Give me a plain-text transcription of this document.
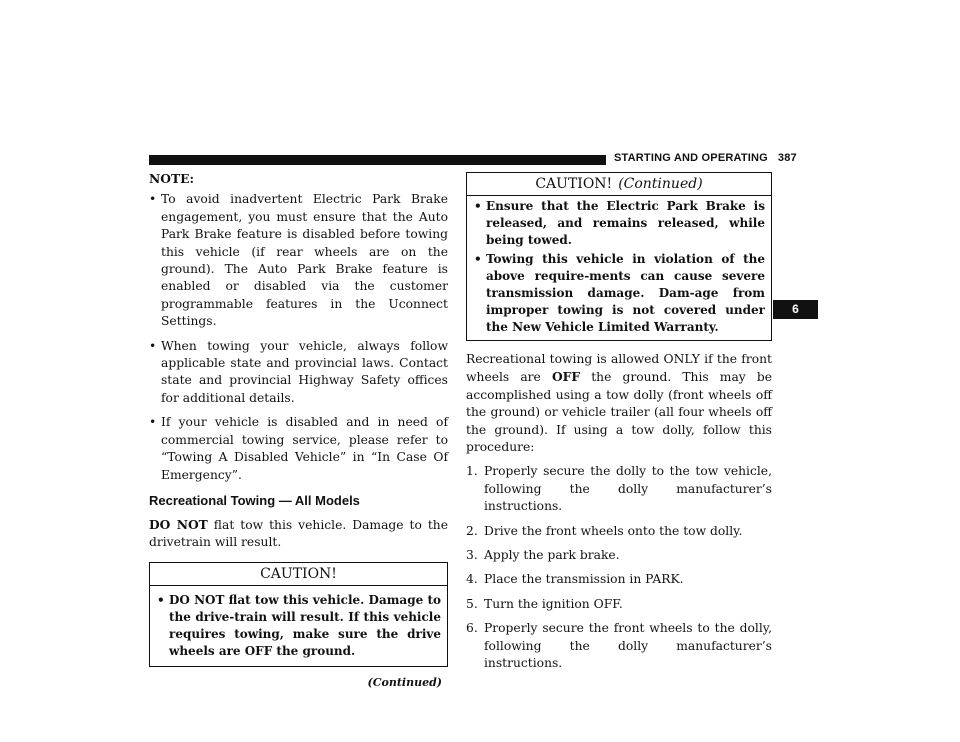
STARTING AND OPERATING 387
6

NOTE:

• To avoid inadvertent Electric Park Brake engagement, you must ensure that the Auto Park Brake feature is disabled before towing this vehicle (if rear wheels are on the ground). The Auto Park Brake feature is enabled or disabled via the customer programmable features in the Uconnect Settings.
• When towing your vehicle, always follow applicable state and provincial laws. Contact state and provincial Highway Safety offices for additional details.
• If your vehicle is disabled and in need of commercial towing service, please refer to “Towing A Disabled Vehicle” in “In Case Of Emergency”.
Recreational Towing — All Models

DO NOT flat tow this vehicle. Damage to the drivetrain will result.

CAUTION!
• DO NOT flat tow this vehicle. Damage to the drive-train will result. If this vehicle requires towing, make sure the drive wheels are OFF the ground.
(Continued)
CAUTION! (Continued)
• Ensure that the Electric Park Brake is released, and remains released, while being towed.
• Towing this vehicle in violation of the above require-ments can cause severe transmission damage. Dam-age from improper towing is not covered under the New Vehicle Limited Warranty.

Recreational towing is allowed ONLY if the front wheels are OFF the ground. This may be accomplished using a tow dolly (front wheels off the ground) or vehicle trailer (all four wheels off the ground). If using a tow dolly, follow this procedure:

1. Properly secure the dolly to the tow vehicle, following the dolly manufacturer’s instructions.
2. Drive the front wheels onto the tow dolly.
3. Apply the park brake.
4. Place the transmission in PARK.
5. Turn the ignition OFF.
6. Properly secure the front wheels to the dolly, following the dolly manufacturer’s instructions.
